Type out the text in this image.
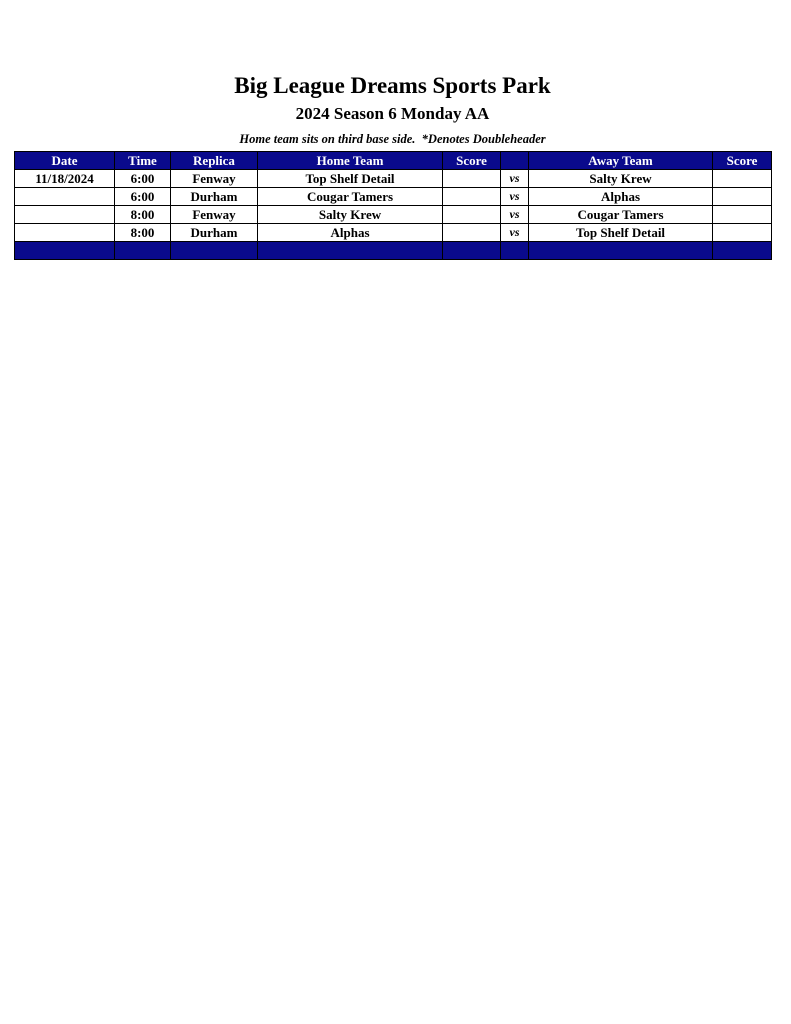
Big League Dreams Sports Park
2024 Season 6 Monday AA
Home team sits on third base side.  *Denotes Doubleheader
Date	Time	Replica	Home Team	Score		Away Team	Score
11/18/2024	6:00	Fenway	Top Shelf Detail		vs	Salty Krew	
	6:00	Durham	Cougar Tamers		vs	Alphas	
	8:00	Fenway	Salty Krew		vs	Cougar Tamers	
	8:00	Durham	Alphas		vs	Top Shelf Detail	
